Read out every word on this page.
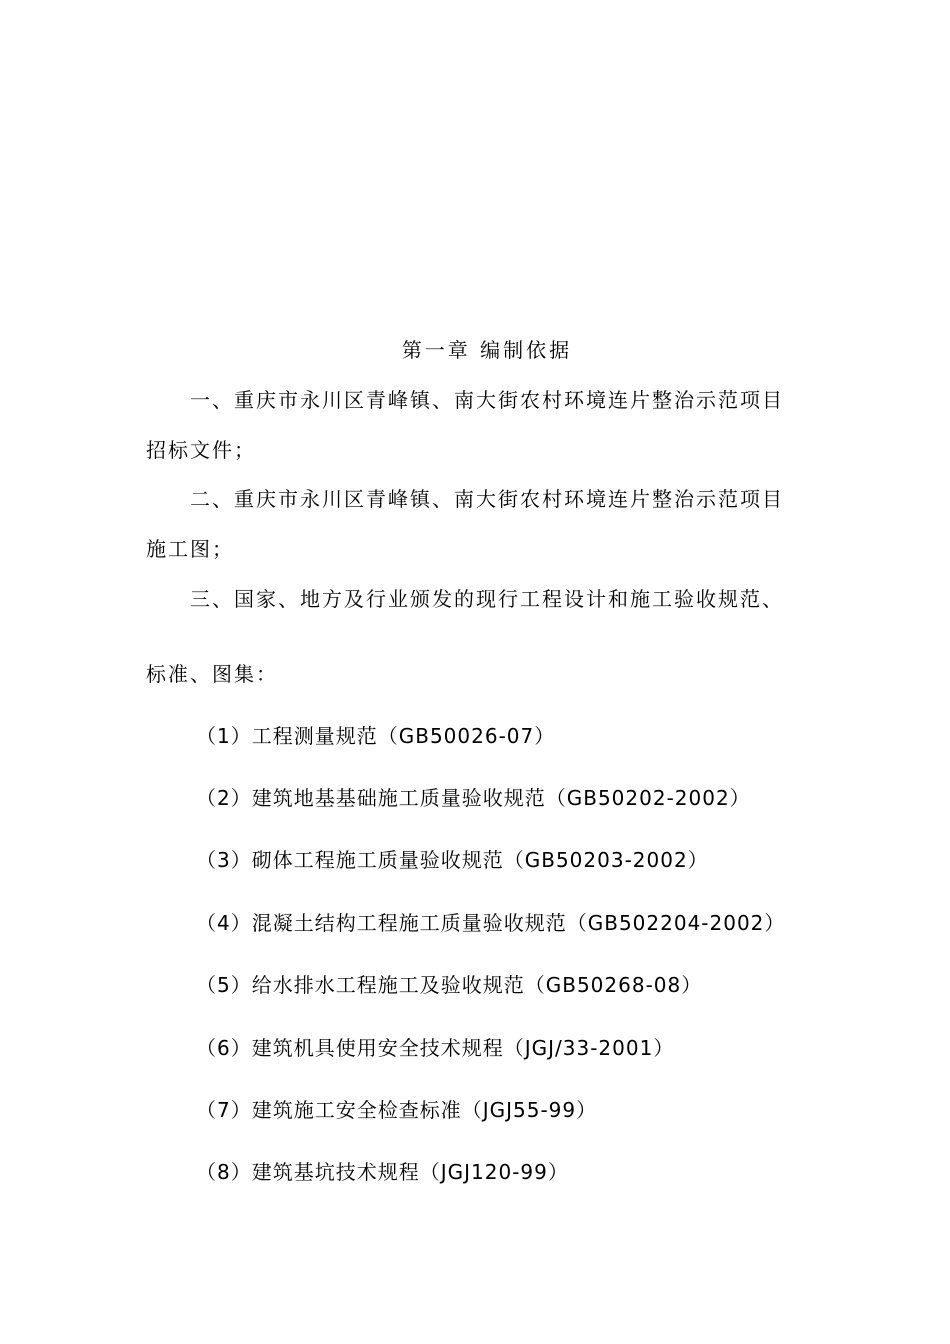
第一章 编制依据
一、重庆市永川区青峰镇、南大街农村环境连片整治示范项目
招标文件；
二、重庆市永川区青峰镇、南大街农村环境连片整治示范项目
施工图；
三、国家、地方及行业颁发的现行工程设计和施工验收规范、
标准、图集：
（1）工程测量规范（GB50026-07）
（2）建筑地基基础施工质量验收规范（GB50202-2002）
（3）砌体工程施工质量验收规范（GB50203-2002）
（4）混凝土结构工程施工质量验收规范（GB502204-2002）
（5）给水排水工程施工及验收规范（GB50268-08）
（6）建筑机具使用安全技术规程（JGJ/33-2001）
（7）建筑施工安全检查标准（JGJ55-99）
（8）建筑基坑技术规程（JGJ120-99）
